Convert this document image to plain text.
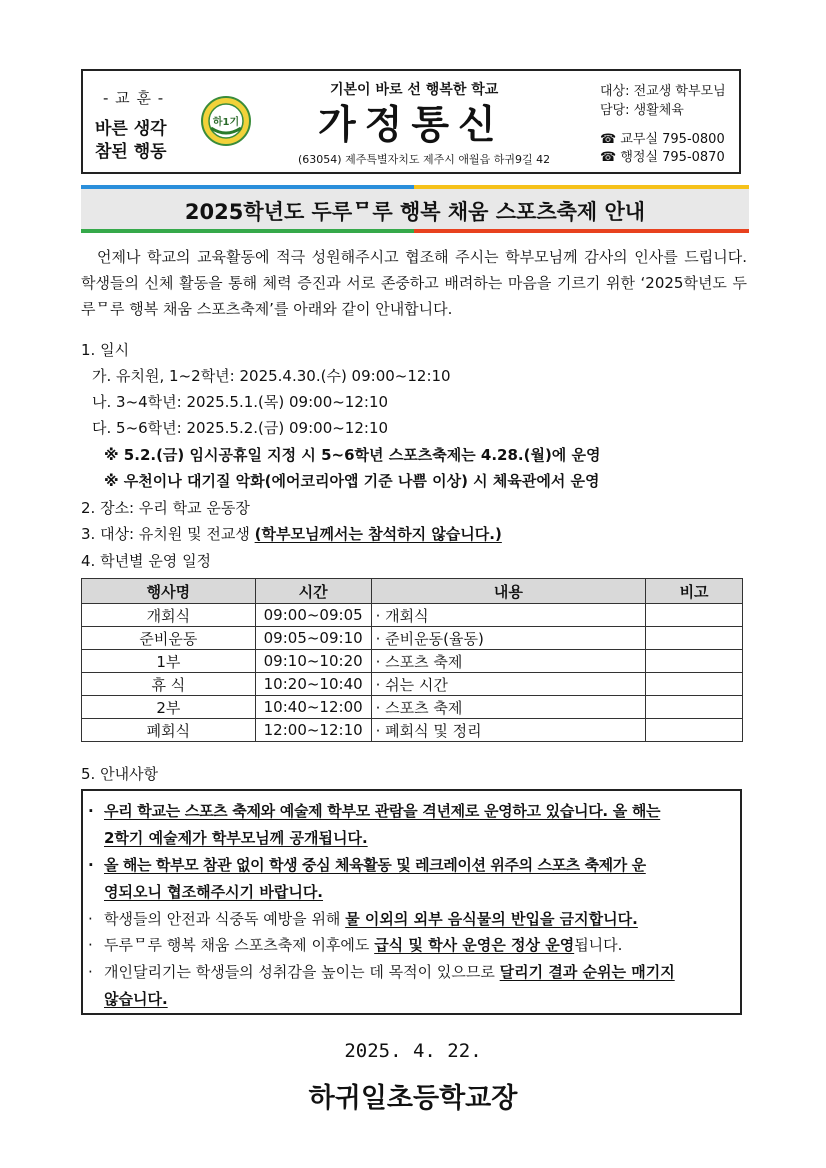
- 교 훈 -
바른 생각
참된 행동
하1기
기본이 바로 선 행복한 학교
가정통신
(63054) 제주특별자치도 제주시 애월읍 하귀9길 42
대상: 전교생 학부모님
담당: 생활체육
☎ 교무실 795-0800
☎ 행정실 795-0870
2025학년도 두루ᄆ루 행복 채움 스포츠축제 안내
언제나 학교의 교육활동에 적극 성원해주시고 협조해 주시는 학부모님께 감사의 인사를 드립니다. 학생들의 신체 활동을 통해 체력 증진과 서로 존중하고 배려하는 마음을 기르기 위한 ‘2025학년도 두루ᄆ루 행복 채움 스포츠축제’를 아래와 같이 안내합니다.
1. 일시
가. 유치원, 1~2학년: 2025.4.30.(수) 09:00~12:10
나. 3~4학년: 2025.5.1.(목) 09:00~12:10
다. 5~6학년: 2025.5.2.(금) 09:00~12:10
※ 5.2.(금) 임시공휴일 지정 시 5~6학년 스포츠축제는 4.28.(월)에 운영
※ 우천이나 대기질 악화(에어코리아앱 기준 나쁨 이상) 시 체육관에서 운영
2. 장소: 우리 학교 운동장
3. 대상: 유치원 및 전교생 (학부모님께서는 참석하지 않습니다.)
4. 학년별 운영 일정
행사명	시간	내용	비고
개회식	09:00~09:05	· 개회식	
준비운동	09:05~09:10	· 준비운동(율동)	
1부	09:10~10:20	· 스포츠 축제	
휴 식	10:20~10:40	· 쉬는 시간	
2부	10:40~12:00	· 스포츠 축제	
폐회식	12:00~12:10	· 폐회식 및 정리	
5. 안내사항
· 우리 학교는 스포츠 축제와 예술제 학부모 관람을 격년제로 운영하고 있습니다. 올 해는
2학기 예술제가 학부모님께 공개됩니다.
· 올 해는 학부모 참관 없이 학생 중심 체육활동 및 레크레이션 위주의 스포츠 축제가 운
영되오니 협조해주시기 바랍니다.
· 학생들의 안전과 식중독 예방을 위해 물 이외의 외부 음식물의 반입을 금지합니다.
· 두루ᄆ루 행복 채움 스포츠축제 이후에도 급식 및 학사 운영은 정상 운영됩니다.
· 개인달리기는 학생들의 성취감을 높이는 데 목적이 있으므로 달리기 결과 순위는 매기지
않습니다.
2025. 4. 22.
하귀일초등학교장
